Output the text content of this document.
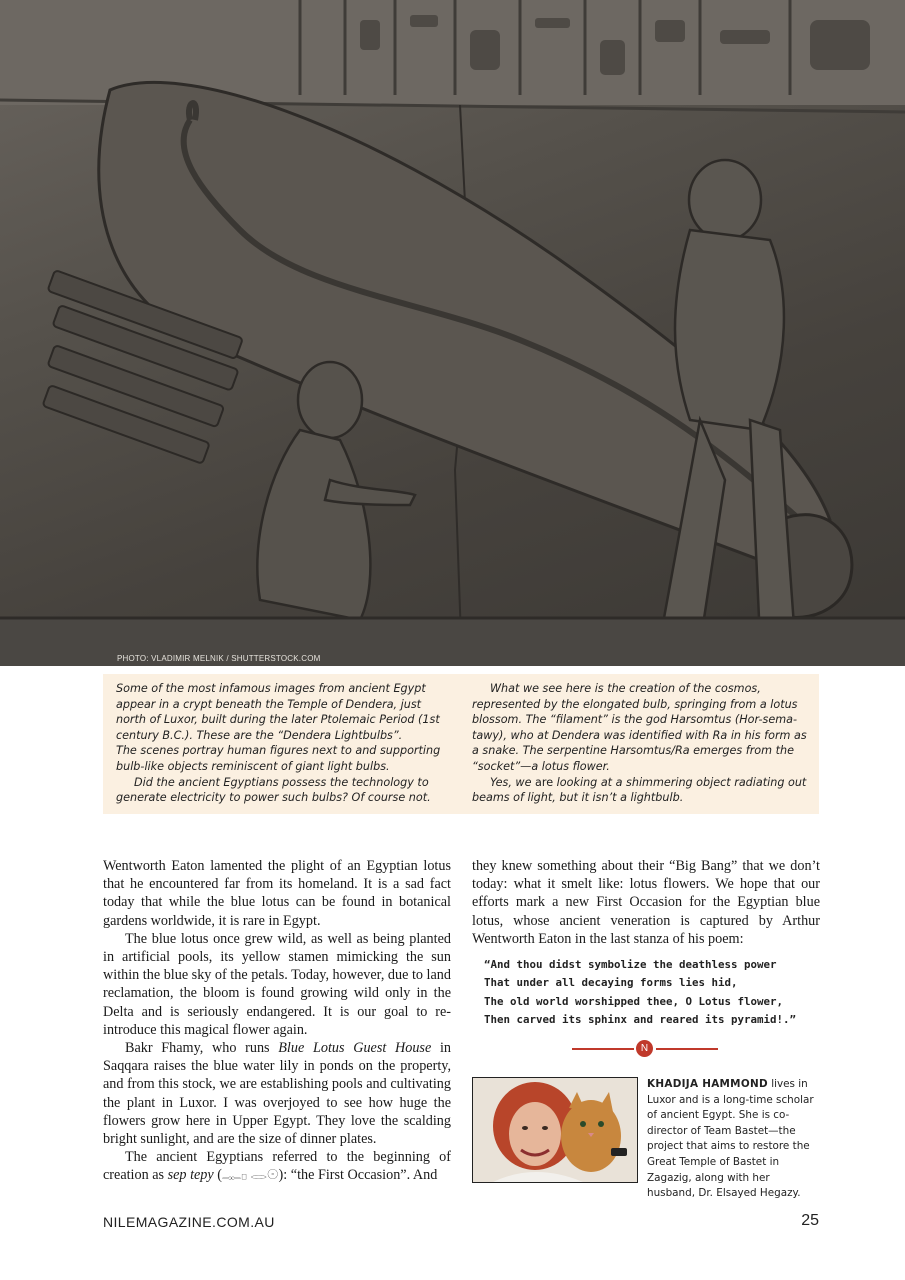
PHOTO: VLADIMIR MELNIK / SHUTTERSTOCK.COM

Some of the most infamous images from ancient Egypt appear in a crypt beneath the Temple of Dendera, just north of Luxor, built during the later Ptolemaic Period (1st century B.C.). These are the “Dendera Lightbulbs”.

The scenes portray human figures next to and supporting bulb-like objects reminiscent of giant light bulbs.

Did the ancient Egyptians possess the technology to generate electricity to power such bulbs? Of course not.

What we see here is the creation of the cosmos, represented by the elongated bulb, springing from a lotus blossom. The “filament” is the god Harsomtus (Hor-sema-tawy), who at Dendera was identified with Ra in his form as a snake. The serpentine Harsomtus/Ra emerges from the “socket”—a lotus flower.

Yes, we are looking at a shimmering object radiating out beams of light, but it isn’t a lightbulb.

Wentworth Eaton lamented the plight of an Egyptian lotus that he encountered far from its homeland. It is a sad fact today that while the blue lotus can be found in botanical gardens worldwide, it is rare in Egypt.

The blue lotus once grew wild, as well as being planted in artificial pools, its yellow stamen mimicking the sun within the blue sky of the petals. Today, however, due to land reclamation, the bloom is found growing wild only in the Delta and is seriously endangered. It is our goal to re-introduce this magical flower again.

Bakr Fhamy, who runs Blue Lotus Guest House in Saqqara raises the blue water lily in ponds on the property, and from this stock, we are establishing pools and cultivating the plant in Luxor. I was overjoyed to see how huge the flowers grow here in Upper Egypt. They love the scalding bright sunlight, and are the size of dinner plates.

The ancient Egyptians referred to the beginning of creation as sep tepy (𓊃𓊪 𓂋𓇳): “the First Occasion”. And

they knew something about their “Big Bang” that we don’t today: what it smelt like: lotus flowers. We hope that our efforts mark a new First Occasion for the Egyptian blue lotus, whose ancient veneration is captured by Arthur Wentworth Eaton in the last stanza of his poem:

“And thou didst symbolize the deathless power
That under all decaying forms lies hid,
The old world worshipped thee, O Lotus flower,
Then carved its sphinx and reared its pyramid!.”
N
KHADIJA HAMMOND lives in Luxor and is a long-time scholar of ancient Egypt. She is co-director of Team Bastet—the project that aims to restore the Great Temple of Bastet in Zagazig, along with her husband, Dr. Elsayed Hegazy.
NILEMAGAZINE.COM.AU	25
